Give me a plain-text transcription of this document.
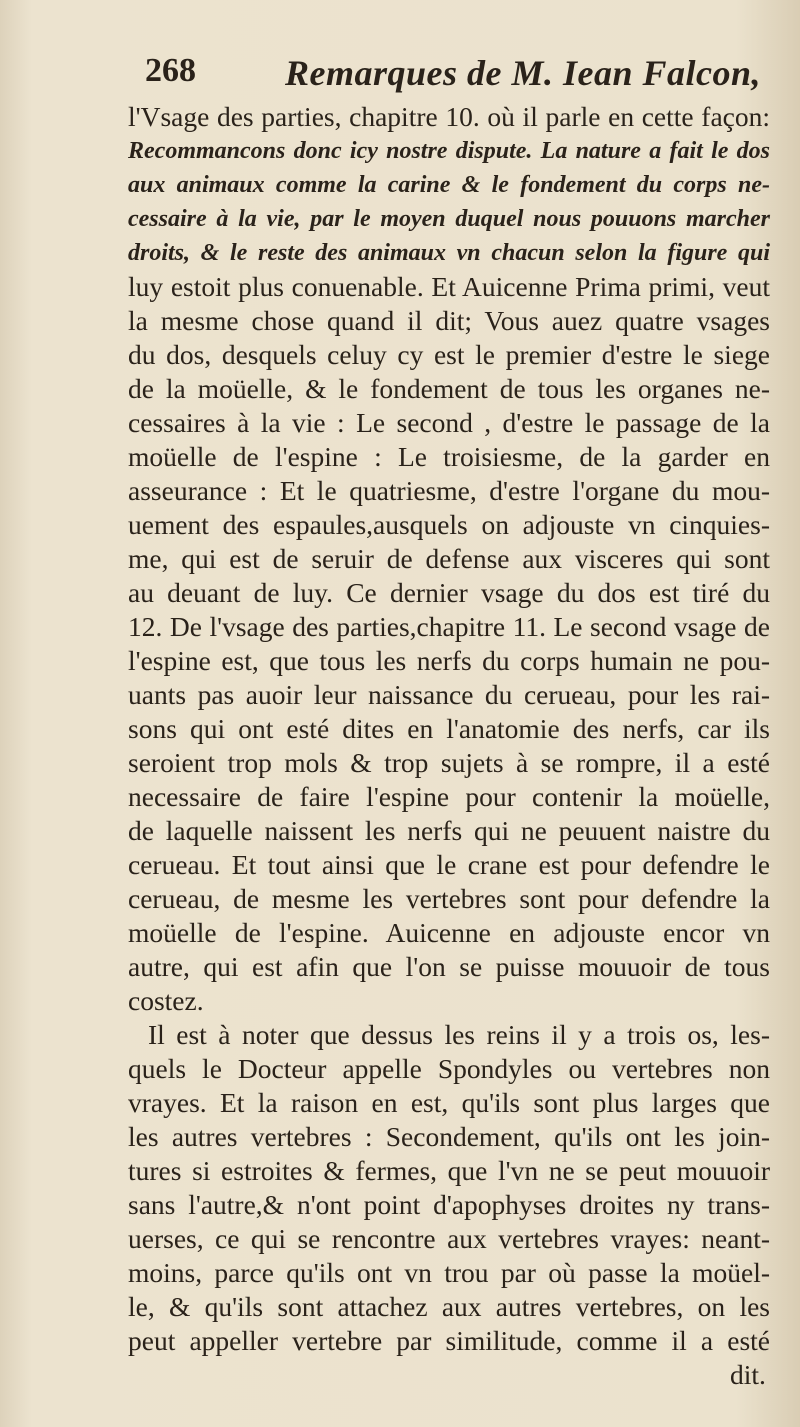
268 Remarques de M. Iean Falcon,
l'Vsage des parties, chapitre 10. où il parle en cette façon:
Recommancons donc icy nostre dispute. La nature a fait le dos
aux animaux comme la carine & le fondement du corps ne-
cessaire à la vie, par le moyen duquel nous pouuons marcher
droits, & le reste des animaux vn chacun selon la figure qui
luy estoit plus conuenable. Et Auicenne Prima primi, veut
la mesme chose quand il dit; Vous auez quatre vsages
du dos, desquels celuy cy est le premier d'estre le siege
de la moüelle, & le fondement de tous les organes ne-
cessaires à la vie : Le second , d'estre le passage de la
moüelle de l'espine : Le troisiesme, de la garder en
asseurance : Et le quatriesme, d'estre l'organe du mou-
uement des espaules,ausquels on adjouste vn cinquies-
me, qui est de seruir de defense aux visceres qui sont
au deuant de luy. Ce dernier vsage du dos est tiré du
12. De l'vsage des parties,chapitre 11. Le second vsage de
l'espine est, que tous les nerfs du corps humain ne pou-
uants pas auoir leur naissance du cerueau, pour les rai-
sons qui ont esté dites en l'anatomie des nerfs, car ils
seroient trop mols & trop sujets à se rompre, il a esté
necessaire de faire l'espine pour contenir la moüelle,
de laquelle naissent les nerfs qui ne peuuent naistre du
cerueau. Et tout ainsi que le crane est pour defendre le
cerueau, de mesme les vertebres sont pour defendre la
moüelle de l'espine. Auicenne en adjouste encor vn
autre, qui est afin que l'on se puisse mouuoir de tous
costez.
Il est à noter que dessus les reins il y a trois os, les-
quels le Docteur appelle Spondyles ou vertebres non
vrayes. Et la raison en est, qu'ils sont plus larges que
les autres vertebres : Secondement, qu'ils ont les join-
tures si estroites & fermes, que l'vn ne se peut mouuoir
sans l'autre,& n'ont point d'apophyses droites ny trans-
uerses, ce qui se rencontre aux vertebres vrayes: neant-
moins, parce qu'ils ont vn trou par où passe la moüel-
le, & qu'ils sont attachez aux autres vertebres, on les
peut appeller vertebre par similitude, comme il a esté
dit.
